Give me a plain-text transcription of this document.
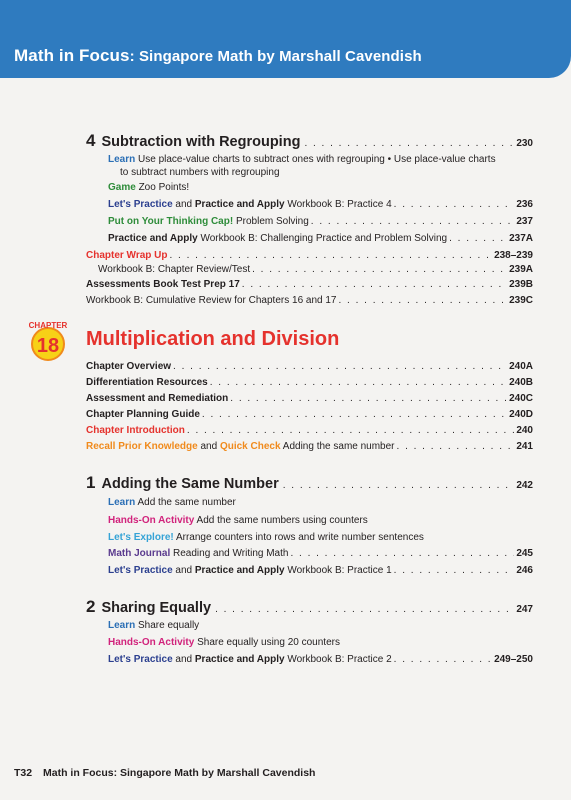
Math in Focus: Singapore Math by Marshall Cavendish
4 Subtraction with Regrouping . . .	230
Learn Use place-value charts to subtract ones with regrouping • Use place-value charts
to subtract numbers with regrouping
Game Zoo Points!
Let's Practice and Practice and Apply Workbook B: Practice 4 . . .	236
Put on Your Thinking Cap! Problem Solving . . .	237
Practice and Apply Workbook B: Challenging Practice and Problem Solving . . .	237A
Chapter Wrap Up . . .	238–239
Workbook B: Chapter Review/Test . . .	239A
Assessments Book Test Prep 17 . . .	239B
Workbook B: Cumulative Review for Chapters 16 and 17 . . .	239C
CHAPTER
18 Multiplication and Division
Chapter Overview . . .	240A
Differentiation Resources . . .	240B
Assessment and Remediation . . .	240C
Chapter Planning Guide . . .	240D
Chapter Introduction . . .	240
Recall Prior Knowledge and Quick Check Adding the same number . . .	241
1 Adding the Same Number . . .	242
Learn Add the same number
Hands-On Activity Add the same numbers using counters
Let's Explore! Arrange counters into rows and write number sentences
Math Journal Reading and Writing Math . . .	245
Let's Practice and Practice and Apply Workbook B: Practice 1 . . .	246
2 Sharing Equally . . .	247
Learn Share equally
Hands-On Activity Share equally using 20 counters
Let's Practice and Practice and Apply Workbook B: Practice 2 . . .	249–250
T32 Math in Focus: Singapore Math by Marshall Cavendish
